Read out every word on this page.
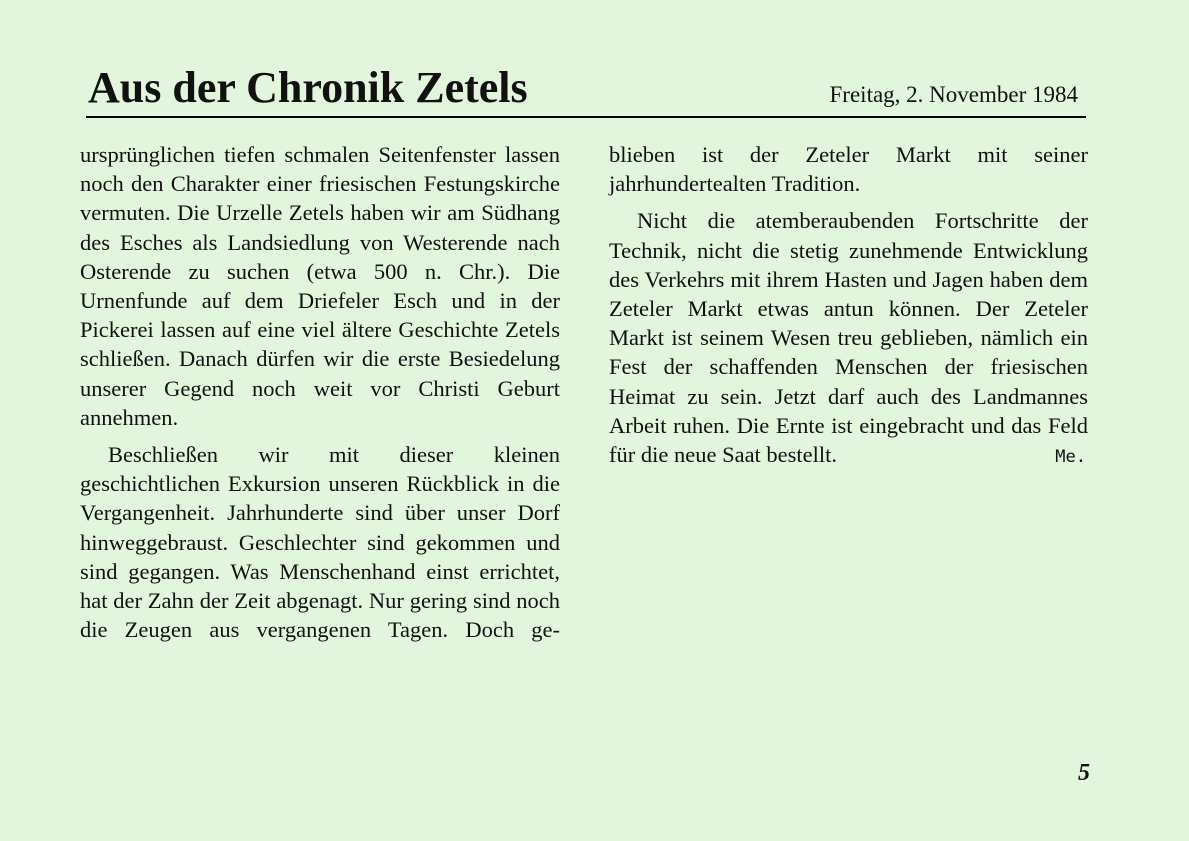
Aus der Chronik Zetels	Freitag, 2. November 1984

ursprünglichen tiefen schmalen Seitenfenster lassen noch den Charakter einer friesischen Festungskirche vermuten. Die Urzelle Zetels haben wir am Südhang des Esches als Landsiedlung von Westerende nach Osterende zu suchen (etwa 500 n. Chr.). Die Urnenfunde auf dem Driefeler Esch und in der Pickerei lassen auf eine viel ältere Geschichte Zetels schließen. Danach dürfen wir die erste Besiedelung unserer Gegend noch weit vor Christi Geburt
annehmen.

Beschließen wir mit dieser kleinen geschichtlichen Exkursion unseren Rückblick in die Vergangenheit. Jahrhunderte sind über unser Dorf hinweggebraust. Geschlechter sind gekommen und sind gegangen. Was Menschenhand einst errichtet, hat der Zahn der Zeit abgenagt. Nur gering sind noch die Zeugen aus vergangenen Tagen. Doch ge-

blieben ist der Zeteler Markt mit seiner
jahrhundertealten Tradition.

Nicht die atemberaubenden Fortschritte der Technik, nicht die stetig zunehmende Entwicklung des Verkehrs mit ihrem Hasten und Jagen haben dem Zeteler Markt etwas antun können. Der Zeteler Markt ist seinem Wesen treu geblieben, nämlich ein Fest der schaffenden Menschen der friesischen Heimat zu sein. Jetzt darf auch des Landmannes Arbeit ruhen. Die Ernte ist eingebracht und das Feld
für die neue Saat bestellt.	Me.

5
